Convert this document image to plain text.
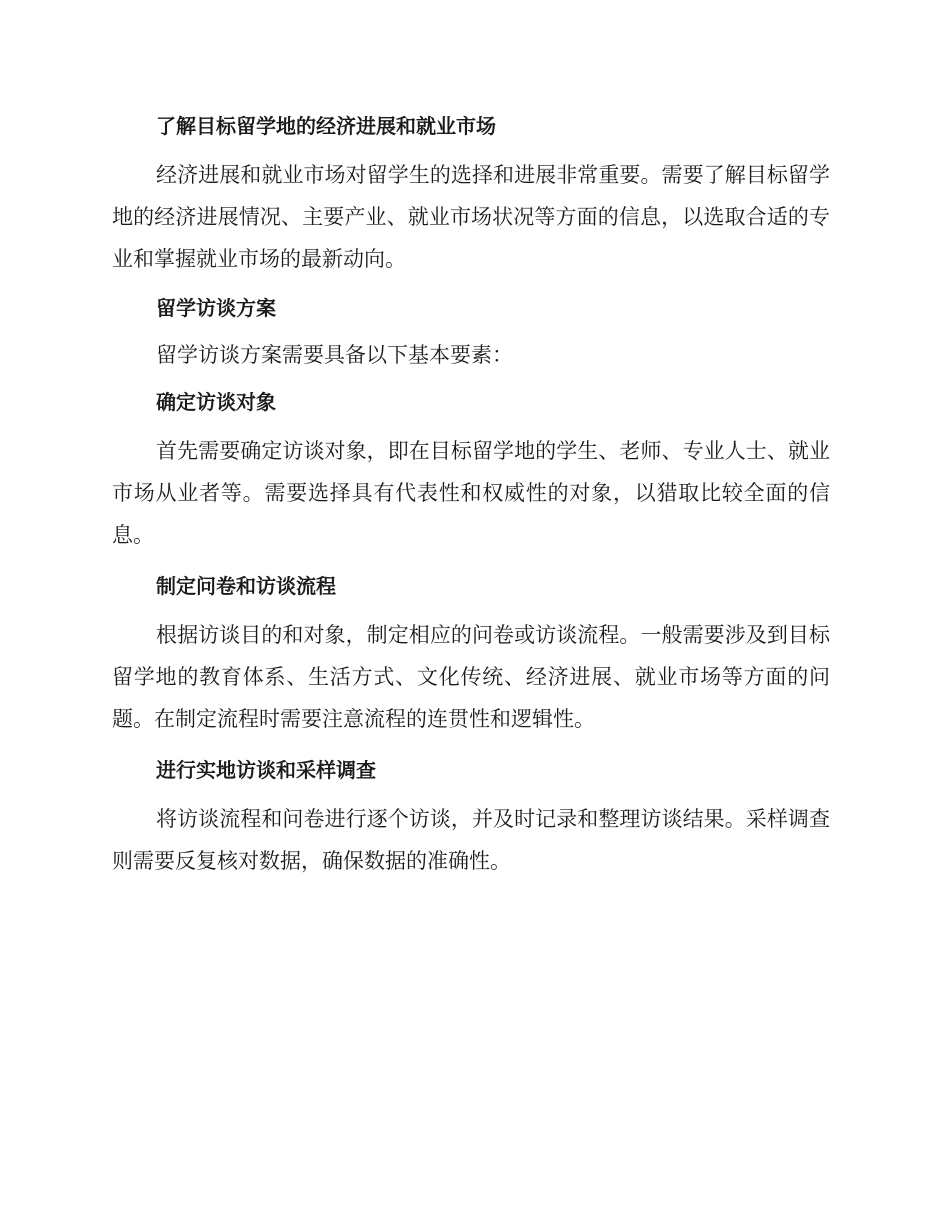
了解目标留学地的经济进展和就业市场

经济进展和就业市场对留学生的选择和进展非常重要。需要了解目标留学地的经济进展情况、主要产业、就业市场状况等方面的信息，以选取合适的专业和掌握就业市场的最新动向。

留学访谈方案

留学访谈方案需要具备以下基本要素：

确定访谈对象

首先需要确定访谈对象，即在目标留学地的学生、老师、专业人士、就业市场从业者等。需要选择具有代表性和权威性的对象，以猎取比较全面的信息。

制定问卷和访谈流程

根据访谈目的和对象，制定相应的问卷或访谈流程。一般需要涉及到目标留学地的教育体系、生活方式、文化传统、经济进展、就业市场等方面的问题。在制定流程时需要注意流程的连贯性和逻辑性。

进行实地访谈和采样调查

将访谈流程和问卷进行逐个访谈，并及时记录和整理访谈结果。采样调查则需要反复核对数据，确保数据的准确性。
